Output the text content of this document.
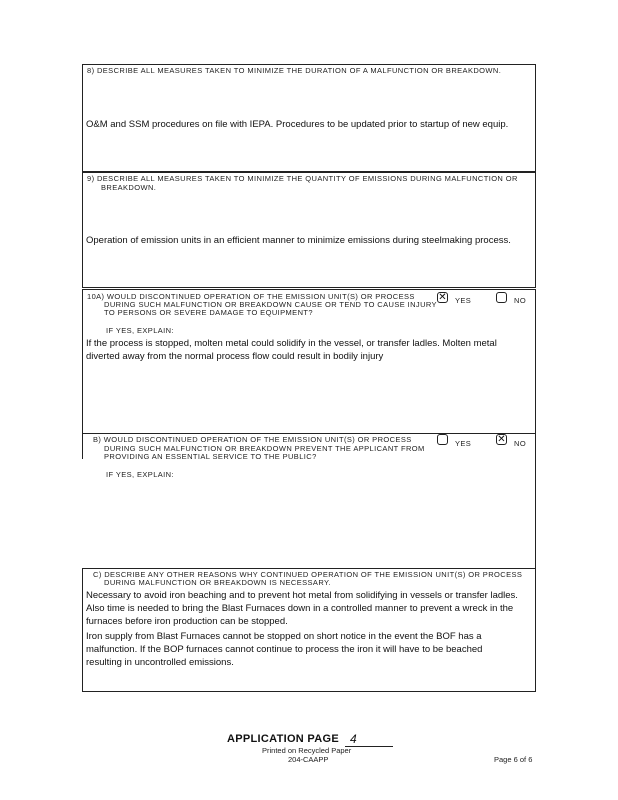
8) DESCRIBE ALL MEASURES TAKEN TO MINIMIZE THE DURATION OF A MALFUNCTION OR BREAKDOWN.
O&M and SSM procedures on file with IEPA. Procedures to be updated prior to startup of new equip.
9) DESCRIBE ALL MEASURES TAKEN TO MINIMIZE THE QUANTITY OF EMISSIONS DURING MALFUNCTION OR
BREAKDOWN.
Operation of emission units in an efficient manner to minimize emissions during steelmaking process.
10A) WOULD DISCONTINUED OPERATION OF THE EMISSION UNIT(S) OR PROCESS
DURING SUCH MALFUNCTION OR BREAKDOWN CAUSE OR TEND TO CAUSE INJURY
TO PERSONS OR SEVERE DAMAGE TO EQUIPMENT?
✕ YES	NO
IF YES, EXPLAIN:
If the process is stopped, molten metal could solidify in the vessel, or transfer ladles. Molten metal
diverted away from the normal process flow could result in bodily injury
B) WOULD DISCONTINUED OPERATION OF THE EMISSION UNIT(S) OR PROCESS
DURING SUCH MALFUNCTION OR BREAKDOWN PREVENT THE APPLICANT FROM
PROVIDING AN ESSENTIAL SERVICE TO THE PUBLIC?
YES	✕ NO
IF YES, EXPLAIN:
C) DESCRIBE ANY OTHER REASONS WHY CONTINUED OPERATION OF THE EMISSION UNIT(S) OR PROCESS
DURING MALFUNCTION OR BREAKDOWN IS NECESSARY.
Necessary to avoid iron beaching and to prevent hot metal from solidifying in vessels or transfer ladles.
Also time is needed to bring the Blast Furnaces down in a controlled manner to prevent a wreck in the
furnaces before iron production can be stopped.
Iron supply from Blast Furnaces cannot be stopped on short notice in the event the BOF has a
malfunction. If the BOP furnaces cannot continue to process the iron it will have to be beached
resulting in uncontrolled emissions.
APPLICATION PAGE 4
Printed on Recycled Paper
204-CAAPP	Page 6 of 6
